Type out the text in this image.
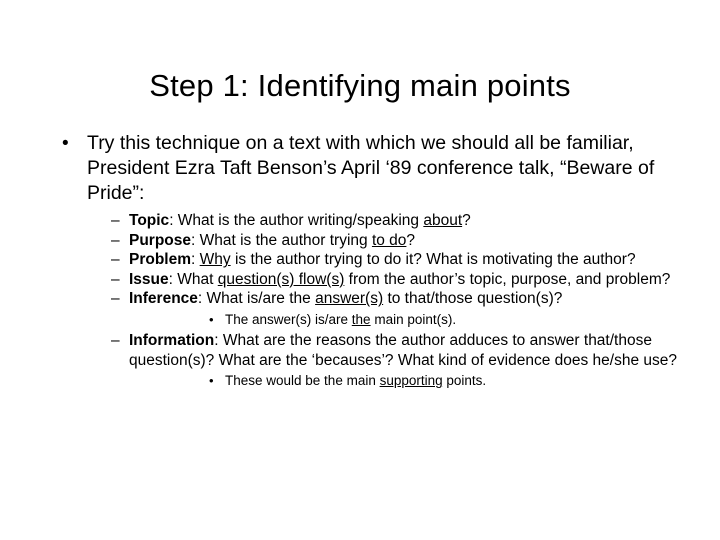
Step 1: Identifying main points
• Try this technique on a text with which we should all be familiar, President Ezra Taft Benson’s April ‘89 conference talk, “Beware of Pride”:
– Topic: What is the author writing/speaking about?
– Purpose: What is the author trying to do?
– Problem: Why is the author trying to do it? What is motivating the author?
– Issue: What question(s) flow(s) from the author’s topic, purpose, and problem?
– Inference: What is/are the answer(s) to that/those question(s)?
• The answer(s) is/are the main point(s).
– Information: What are the reasons the author adduces to answer that/those question(s)? What are the ‘becauses’? What kind of evidence does he/she use?
• These would be the main supporting points.
